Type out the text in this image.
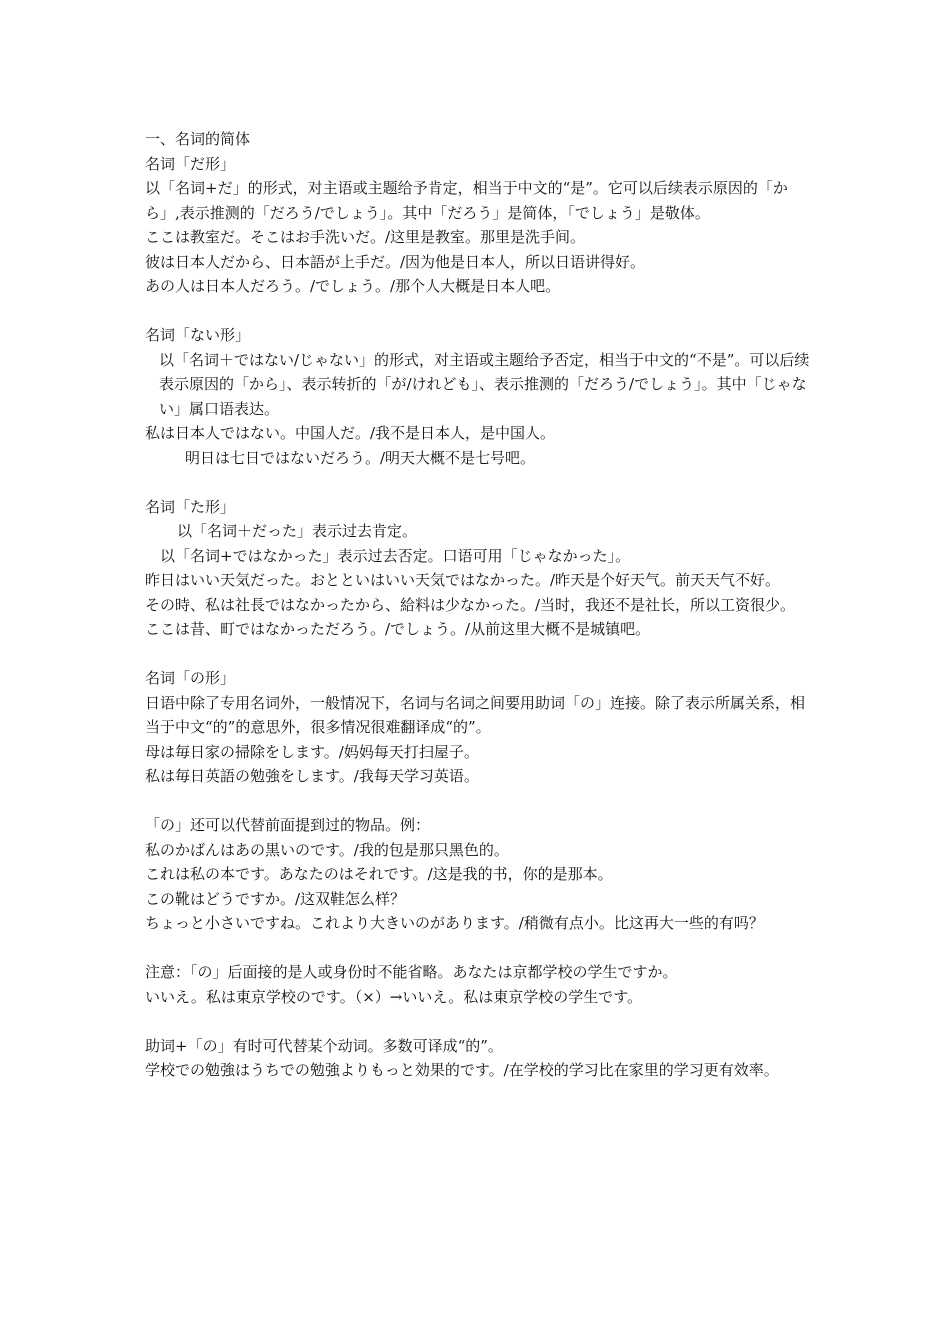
一、名词的简体

名词「だ形」

以「名词+だ」的形式，对主语或主题给予肯定，相当于中文的“是”。它可以后续表示原因的「から」,表示推测的「だろう/でしょう」。其中「だろう」是简体，「でしょう」是敬体。

ここは教室だ。そこはお手洗いだ。/这里是教室。那里是洗手间。

彼は日本人だから、日本語が上手だ。/因为他是日本人，所以日语讲得好。

あの人は日本人だろう。/でしょう。/那个人大概是日本人吧。

名词「ない形」

以「名词＋ではない/じゃない」的形式，对主语或主题给予否定，相当于中文的“不是”。可以后续表示原因的「から」、表示转折的「が/けれども」、表示推测的「だろう/でしょう」。其中「じゃない」属口语表达。

私は日本人ではない。中国人だ。/我不是日本人，是中国人。

明日は七日ではないだろう。/明天大概不是七号吧。

名词「た形」

以「名词＋だった」表示过去肯定。

以「名词+ではなかった」表示过去否定。口语可用「じゃなかった」。

昨日はいい天気だった。おとといはいい天気ではなかった。/昨天是个好天气。前天天气不好。

その時、私は社長ではなかったから、給料は少なかった。/当时，我还不是社长，所以工资很少。

ここは昔、町ではなかっただろう。/でしょう。/从前这里大概不是城镇吧。

名词「の形」

日语中除了专用名词外，一般情况下，名词与名词之间要用助词「の」连接。除了表示所属关系，相当于中文“的”的意思外，很多情况很难翻译成“的”。

母は毎日家の掃除をします。/妈妈每天打扫屋子。

私は毎日英語の勉強をします。/我每天学习英语。

「の」还可以代替前面提到过的物品。例：

私のかばんはあの黒いのです。/我的包是那只黑色的。

これは私の本です。あなたのはそれです。/这是我的书，你的是那本。

この靴はどうですか。/这双鞋怎么样？

ちょっと小さいですね。これより大きいのがあります。/稍微有点小。比这再大一些的有吗？

注意：「の」后面接的是人或身份时不能省略。あなたは京都学校の学生ですか。

いいえ。私は東京学校のです。（×）→いいえ。私は東京学校の学生です。

助词+「の」有时可代替某个动词。多数可译成“的”。

学校での勉強はうちでの勉強よりもっと効果的です。/在学校的学习比在家里的学习更有效率。
